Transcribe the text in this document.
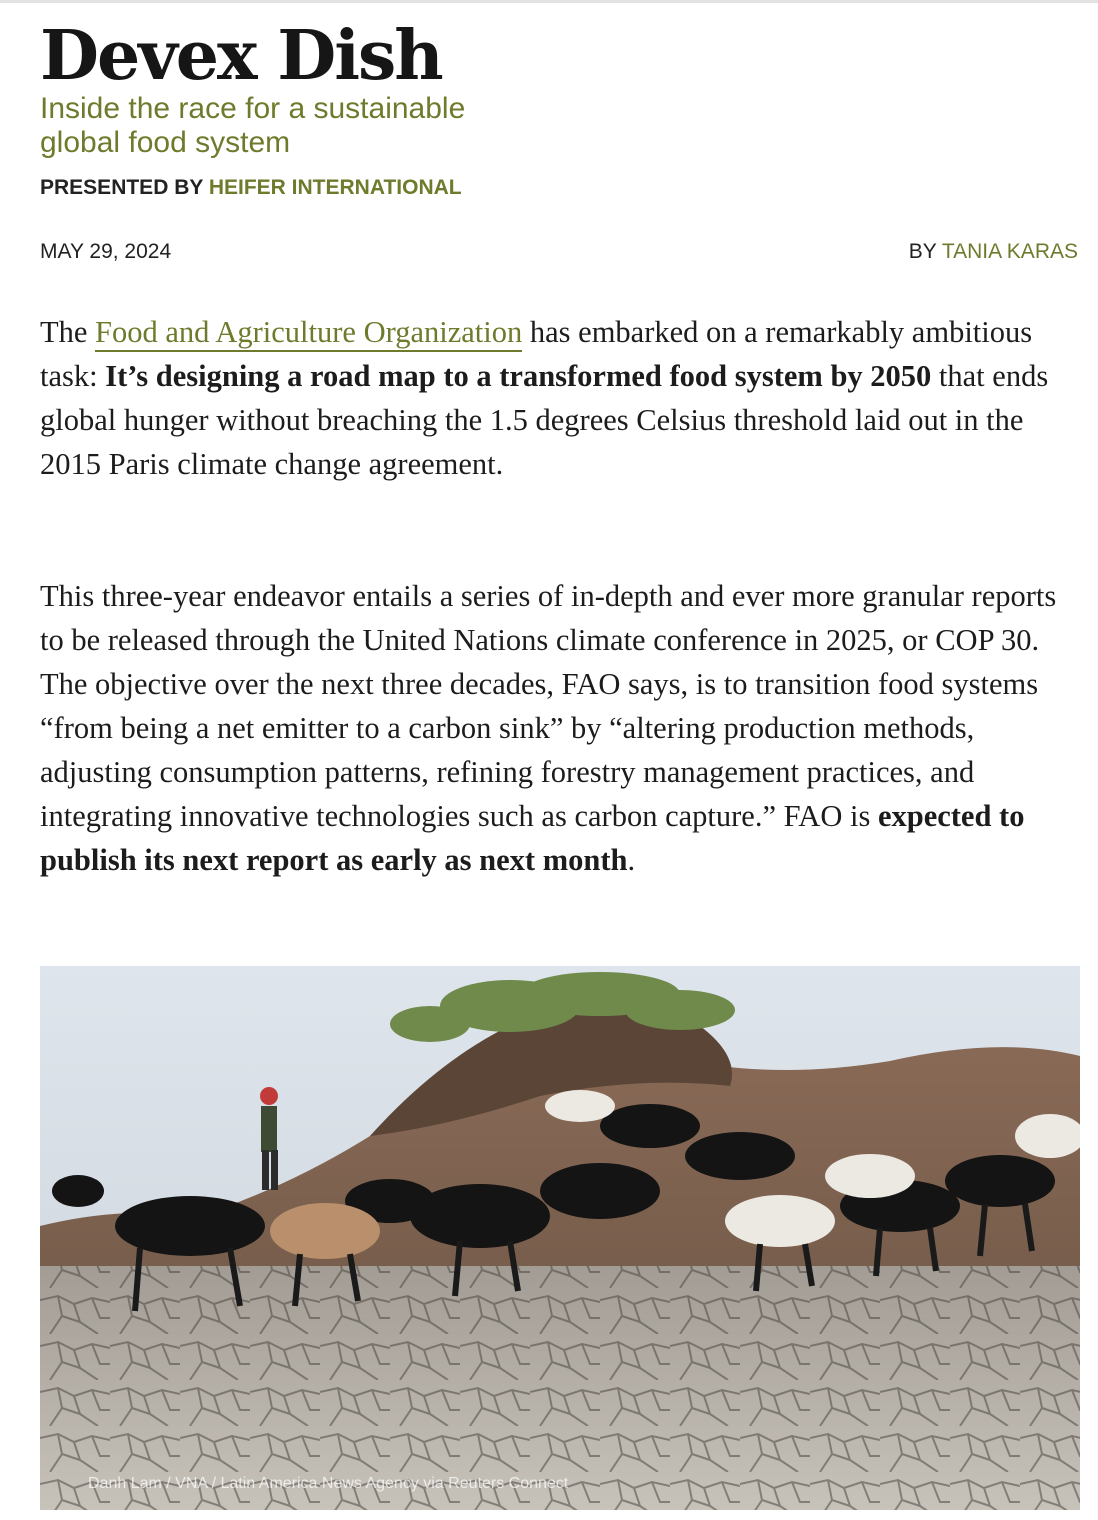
Devex Dish
Inside the race for a sustainable
global food system
PRESENTED BY HEIFER INTERNATIONAL
MAY 29, 2024	BY TANIA KARAS

The Food and Agriculture Organization has embarked on a remarkably ambitious task: It’s designing a road map to a transformed food system by 2050 that ends global hunger without breaching the 1.5 degrees Celsius threshold laid out in the 2015 Paris climate change agreement.

This three-year endeavor entails a series of in-depth and ever more granular reports to be released through the United Nations climate conference in 2025, or COP 30. The objective over the next three decades, FAO says, is to transition food systems “from being a net emitter to a carbon sink” by “altering production methods, adjusting consumption patterns, refining forestry management practices, and integrating innovative technologies such as carbon capture.” FAO is expected to publish its next report as early as next month.

Danh Lam / VNA / Latin America News Agency via Reuters Connect
